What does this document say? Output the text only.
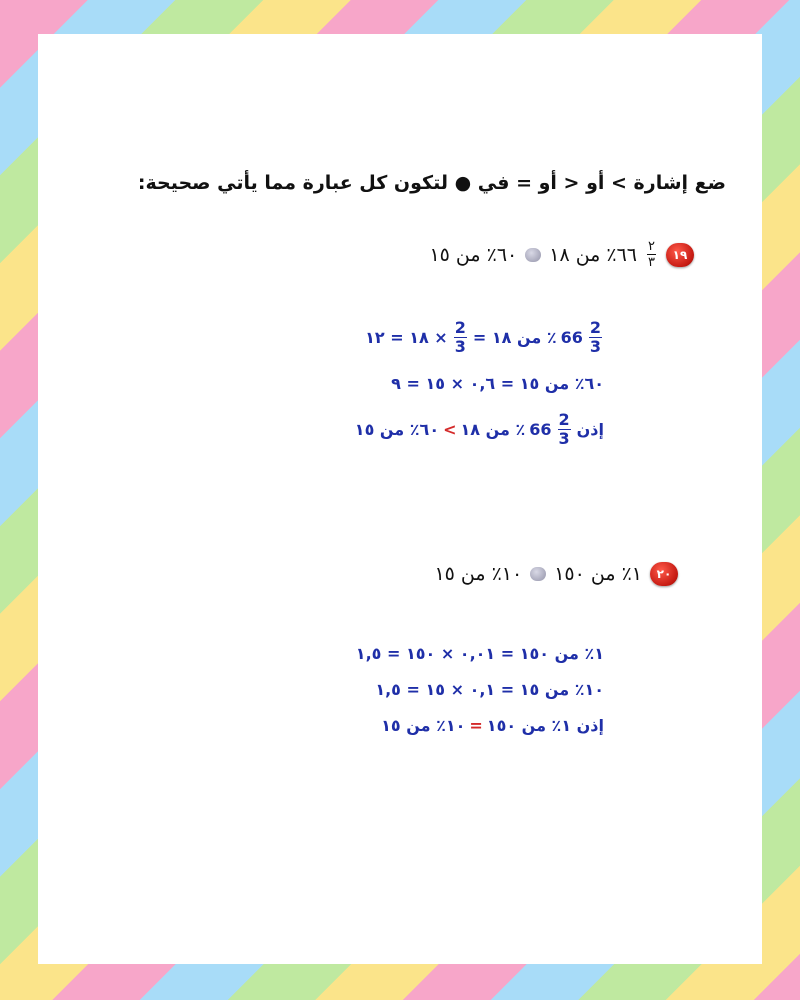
ضع إشارة > أو < أو = في ● لتكون كل عبارة مما يأتي صحيحة:
١٩
$\frac{٢}{٣}$
٦٦٪ من ١٨
٦٠٪ من ١٥
$\frac{2}{3}$
66
٪ من ١٨ =
$\frac{2}{3}$
× ١٨ = ١٢
٦٠٪ من ١٥ = ٠,٦ × ١٥ = ٩
إذن
$\frac{2}{3}$
66
٪ من ١٨
>
٦٠٪ من ١٥
٢٠
١٪ من ١٥٠
١٠٪ من ١٥
١٪ من ١٥٠ = ٠,٠١ × ١٥٠ = ١,٥
١٠٪ من ١٥ = ٠,١ × ١٥ = ١,٥
إذن ١٪ من ١٥٠
=
١٠٪ من ١٥
